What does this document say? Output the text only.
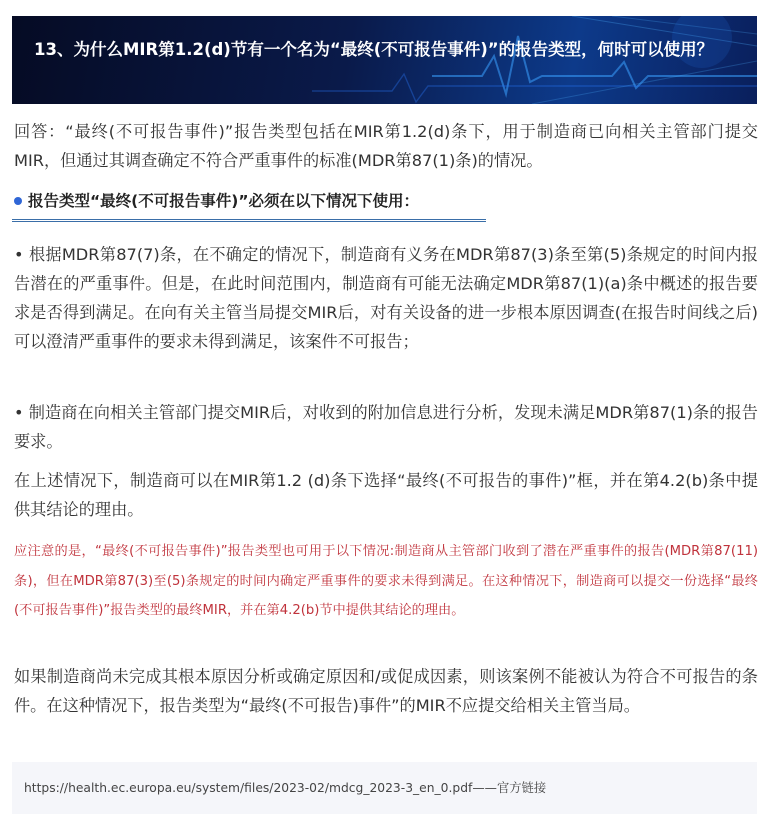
13、为什么MIR第1.2(d)节有一个名为“最终(不可报告事件)”的报告类型，何时可以使用？

回答：“最终(不可报告事件)”报告类型包括在MIR第1.2(d)条下，用于制造商已向相关主管部门提交MIR，但通过其调查确定不符合严重事件的标准(MDR第87(1)条)的情况。

报告类型“最终(不可报告事件)”必须在以下情况下使用：

• 根据MDR第87(7)条，在不确定的情况下，制造商有义务在MDR第87(3)条至第(5)条规定的时间内报告潜在的严重事件。但是，在此时间范围内，制造商有可能无法确定MDR第87(1)(a)条中概述的报告要求是否得到满足。在向有关主管当局提交MIR后，对有关设备的进一步根本原因调查(在报告时间线之后)可以澄清严重事件的要求未得到满足，该案件不可报告；

• 制造商在向相关主管部门提交MIR后，对收到的附加信息进行分析，发现未满足MDR第87(1)条的报告要求。

在上述情况下，制造商可以在MIR第1.2 (d)条下选择“最终(不可报告的事件)”框，并在第4.2(b)条中提供其结论的理由。

应注意的是，“最终(不可报告事件)”报告类型也可用于以下情况:制造商从主管部门收到了潜在严重事件的报告(MDR第87(11)条)，但在MDR第87(3)至(5)条规定的时间内确定严重事件的要求未得到满足。在这种情况下，制造商可以提交一份选择“最终(不可报告事件)”报告类型的最终MIR，并在第4.2(b)节中提供其结论的理由。

如果制造商尚未完成其根本原因分析或确定原因和/或促成因素，则该案例不能被认为符合不可报告的条件。在这种情况下，报告类型为“最终(不可报告)事件”的MIR不应提交给相关主管当局。

https://health.ec.europa.eu/system/files/2023-02/mdcg_2023-3_en_0.pdf——官方链接
